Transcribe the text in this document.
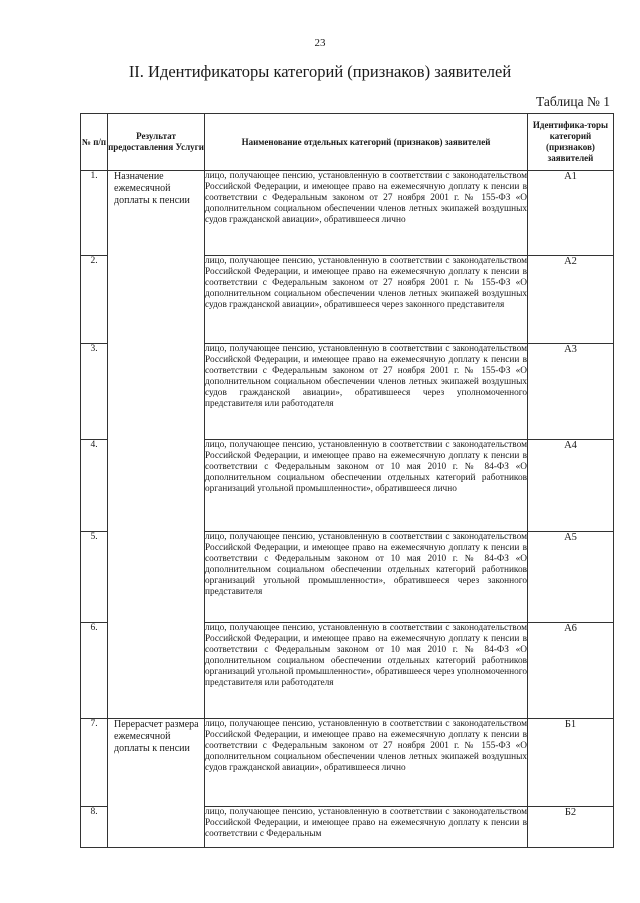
23
II. Идентификаторы категорий (признаков) заявителей
Таблица № 1
№ п/п	Результат предоставления Услуги	Наименование отдельных категорий (признаков) заявителей	Идентифика-торы категорий (признаков) заявителей
1.	Назначение ежемесячной доплаты к пенсии	лицо, получающее пенсию, установленную в соответствии с законодательством Российской Федерации, и имеющее право на ежемесячную доплату к пенсии в соответствии с Федеральным законом от 27 ноября 2001 г. № 155-ФЗ «О дополнительном социальном обеспечении членов летных экипажей воздушных судов гражданской авиации», обратившееся лично	А1
2.		лицо, получающее пенсию, установленную в соответствии с законодательством Российской Федерации, и имеющее право на ежемесячную доплату к пенсии в соответствии с Федеральным законом от 27 ноября 2001 г. № 155-ФЗ «О дополнительном социальном обеспечении членов летных экипажей воздушных судов гражданской авиации», обратившееся через законного представителя	А2
3.		лицо, получающее пенсию, установленную в соответствии с законодательством Российской Федерации, и имеющее право на ежемесячную доплату к пенсии в соответствии с Федеральным законом от 27 ноября 2001 г. № 155-ФЗ «О дополнительном социальном обеспечении членов летных экипажей воздушных судов гражданской авиации», обратившееся через уполномоченного представителя или работодателя	А3
4.		лицо, получающее пенсию, установленную в соответствии с законодательством Российской Федерации, и имеющее право на ежемесячную доплату к пенсии в соответствии с Федеральным законом от 10 мая 2010 г. № 84-ФЗ «О дополнительном социальном обеспечении отдельных категорий работников организаций угольной промышленности», обратившееся лично	А4
5.		лицо, получающее пенсию, установленную в соответствии с законодательством Российской Федерации, и имеющее право на ежемесячную доплату к пенсии в соответствии с Федеральным законом от 10 мая 2010 г. № 84-ФЗ «О дополнительном социальном обеспечении отдельных категорий работников организаций угольной промышленности», обратившееся через законного представителя	А5
6.		лицо, получающее пенсию, установленную в соответствии с законодательством Российской Федерации, и имеющее право на ежемесячную доплату к пенсии в соответствии с Федеральным законом от 10 мая 2010 г. № 84-ФЗ «О дополнительном социальном обеспечении отдельных категорий работников организаций угольной промышленности», обратившееся через уполномоченного представителя или работодателя	А6
7.	Перерасчет размера ежемесячной доплаты к пенсии	лицо, получающее пенсию, установленную в соответствии с законодательством Российской Федерации, и имеющее право на ежемесячную доплату к пенсии в соответствии с Федеральным законом от 27 ноября 2001 г. № 155-ФЗ «О дополнительном социальном обеспечении членов летных экипажей воздушных судов гражданской авиации», обратившееся лично	Б1
8.		лицо, получающее пенсию, установленную в соответствии с законодательством Российской Федерации, и имеющее право на ежемесячную доплату к пенсии в соответствии с Федеральным	Б2
